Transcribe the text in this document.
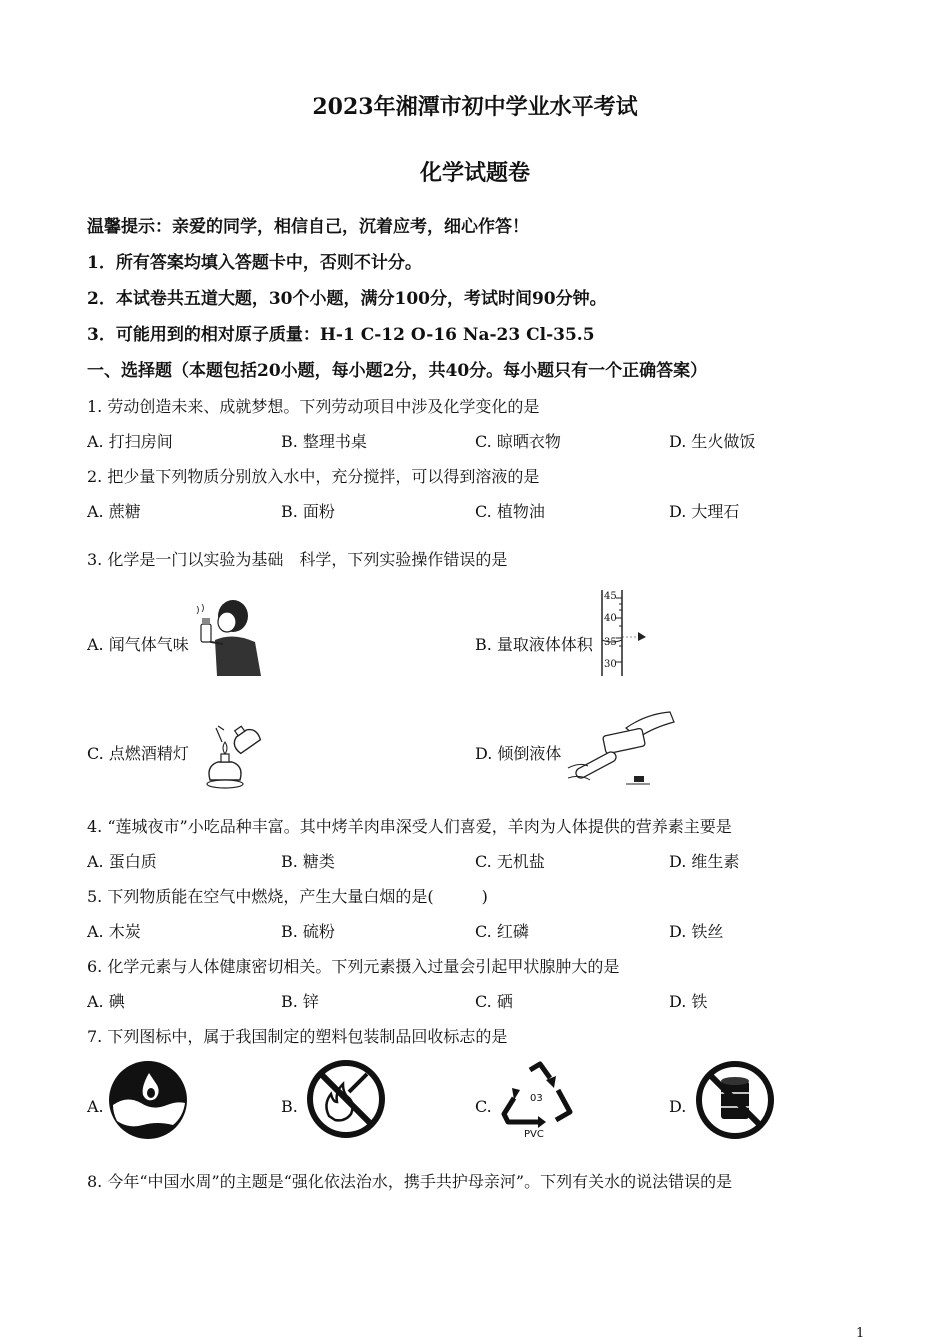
2023年湘潭市初中学业水平考试
化学试题卷
温馨提示：亲爱的同学，相信自己，沉着应考，细心作答！
1．所有答案均填入答题卡中，否则不计分。
2．本试卷共五道大题，30个小题，满分100分，考试时间90分钟。
3．可能用到的相对原子质量：H-1 C-12 O-16 Na-23 Cl-35.5
一、选择题（本题包括20小题，每小题2分，共40分。每小题只有一个正确答案）
1. 劳动创造未来、成就梦想。下列劳动项目中涉及化学变化的是
A. 打扫房间	B. 整理书桌	C. 晾晒衣物	D. 生火做饭
2. 把少量下列物质分别放入水中，充分搅拌，可以得到溶液的是
A. 蔗糖	B. 面粉	C. 植物油	D. 大理石
3. 化学是一门以实验为基础　科学，下列实验操作错误的是
A. 闻气体气味	B. 量取液体体积
C. 点燃酒精灯	D. 倾倒液体
45
40
35
30
4. “莲城夜市”小吃品种丰富。其中烤羊肉串深受人们喜爱，羊肉为人体提供的营养素主要是
A. 蛋白质	B. 糖类	C. 无机盐	D. 维生素
5. 下列物质能在空气中燃烧，产生大量白烟的是(　　　)
A. 木炭	B. 硫粉	C. 红磷	D. 铁丝
6. 化学元素与人体健康密切相关。下列元素摄入过量会引起甲状腺肿大的是
A. 碘	B. 锌	C. 硒	D. 铁
7. 下列图标中，属于我国制定的塑料包装制品回收标志的是
A.	B.	C.	D.
03
PVC
8. 今年“中国水周”的主题是“强化依法治水，携手共护母亲河”。下列有关水的说法错误的是
1
